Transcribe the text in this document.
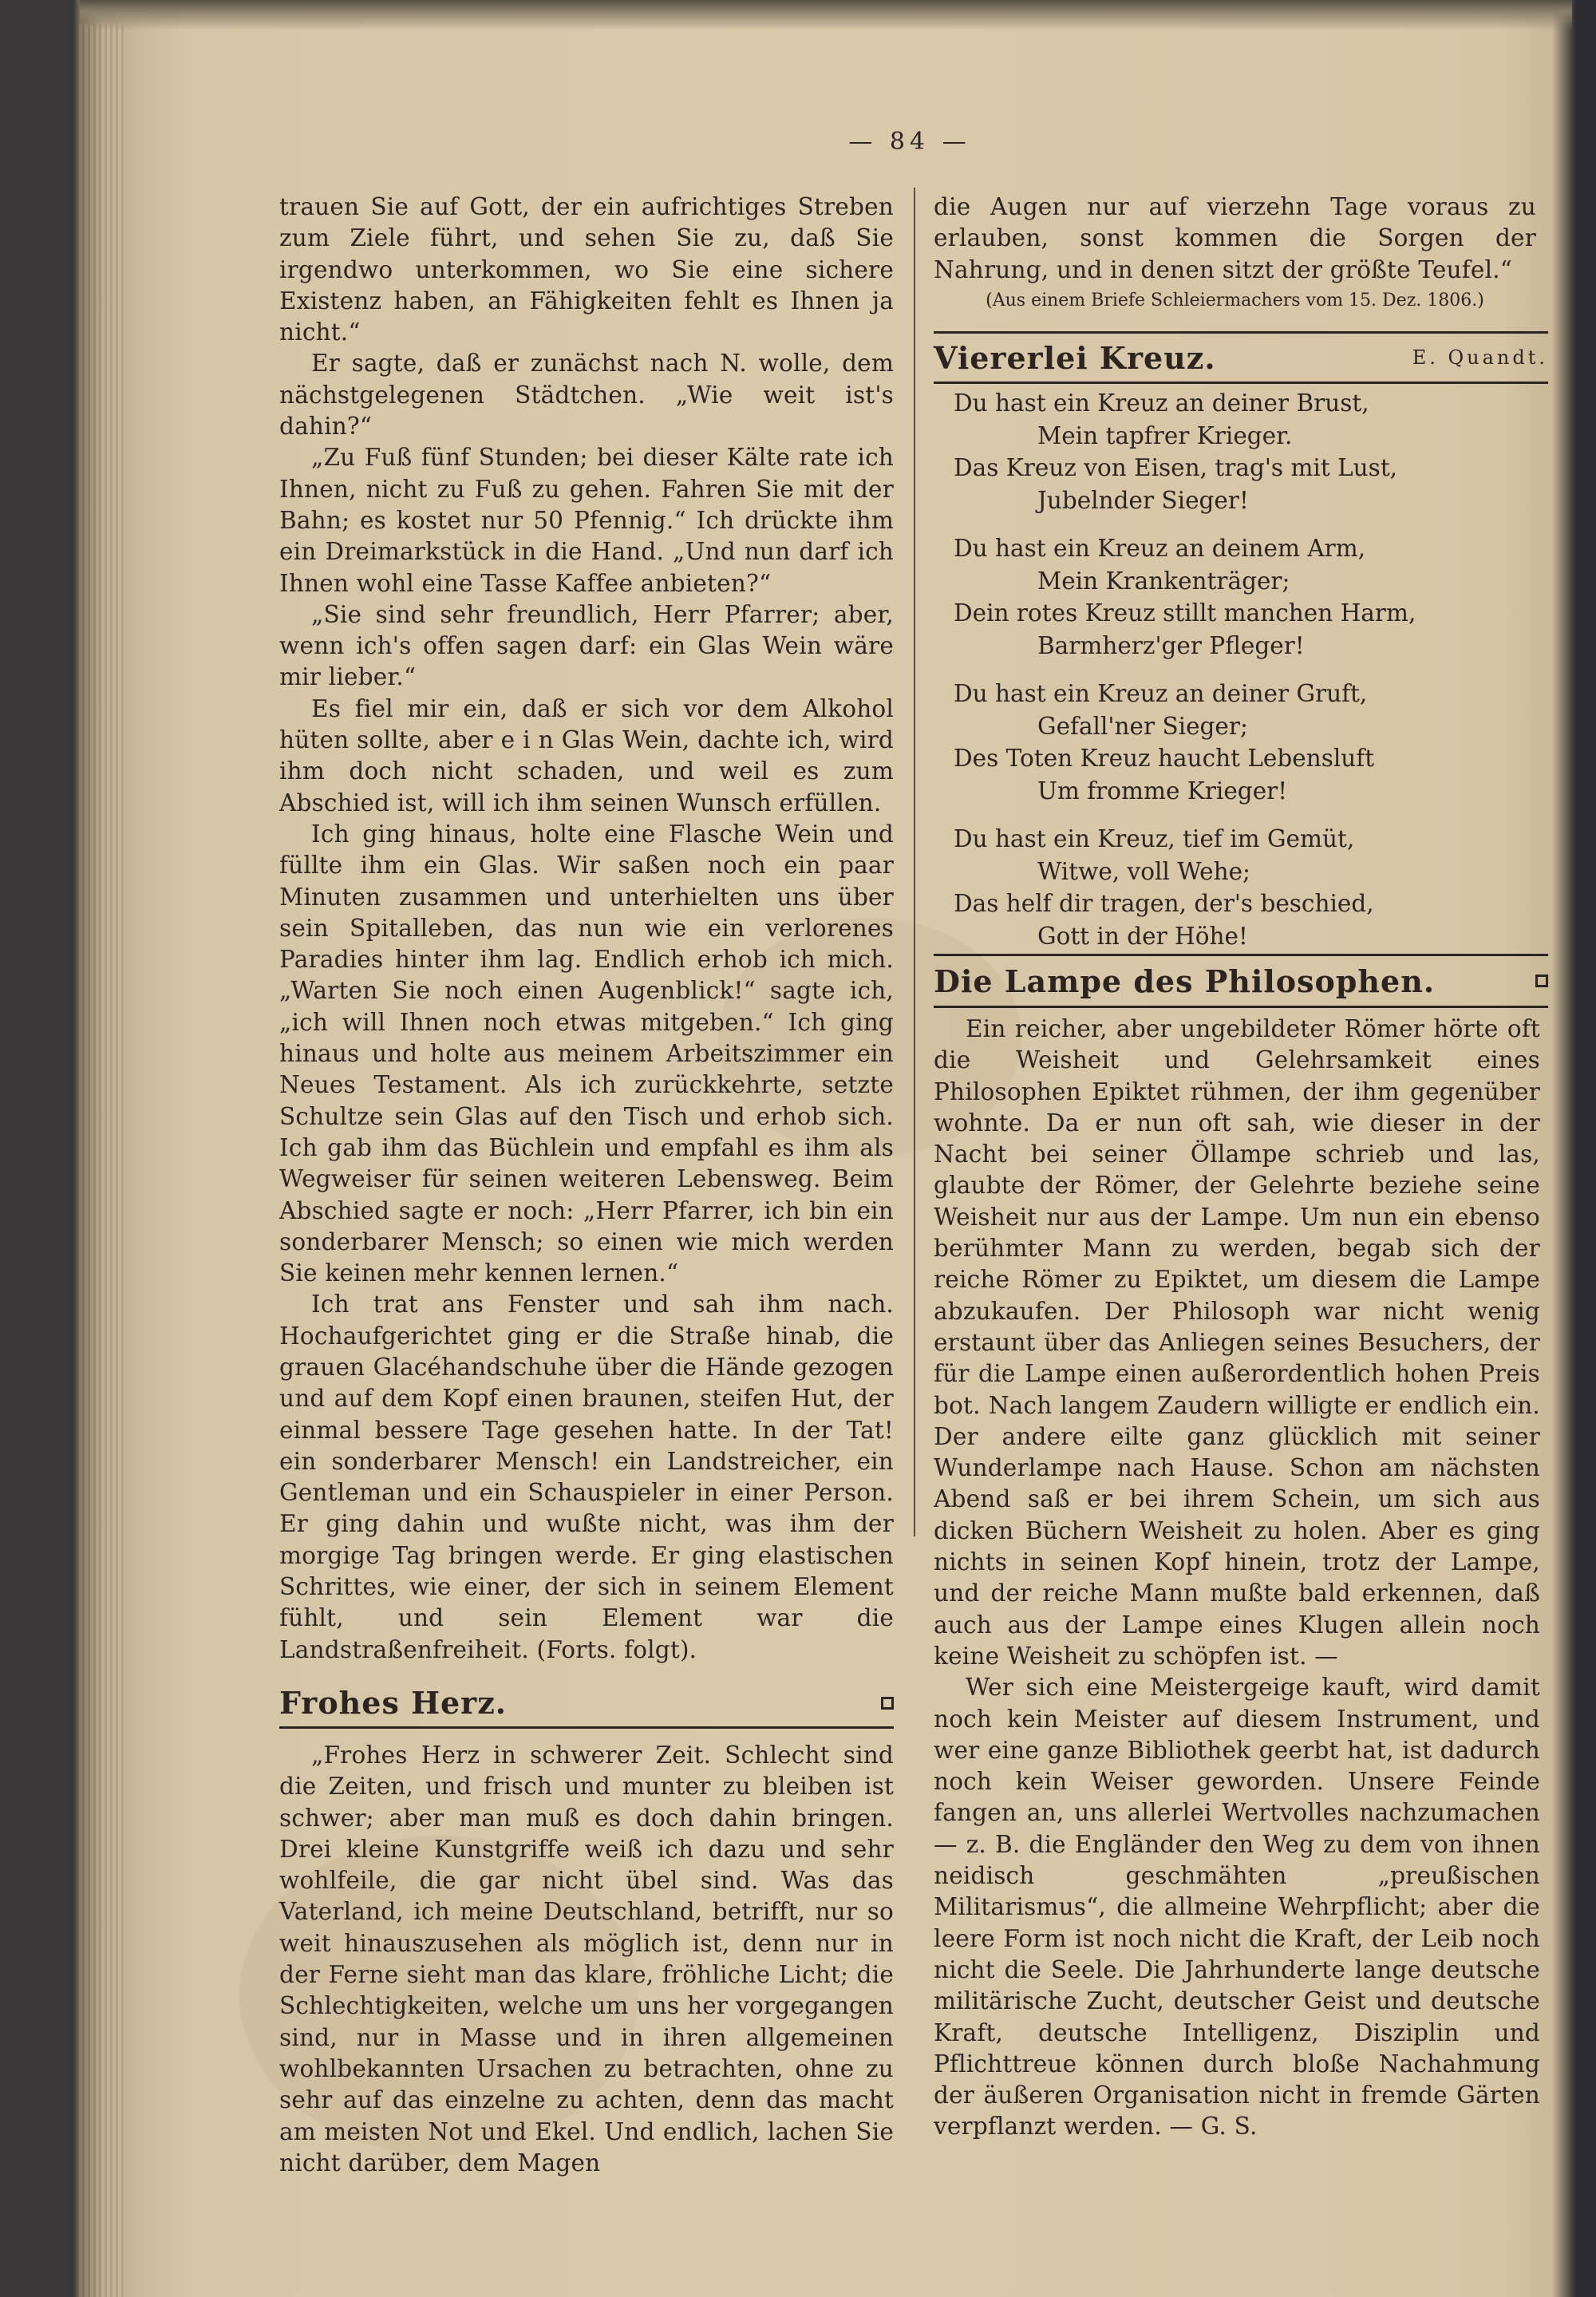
— 84 —

trauen Sie auf Gott, der ein aufrichtiges Streben zum Ziele führt, und sehen Sie zu, daß Sie irgendwo unterkommen, wo Sie eine sichere Existenz haben, an Fähigkeiten fehlt es Ihnen ja nicht.“

Er sagte, daß er zunächst nach N. wolle, dem nächstgelegenen Städtchen. „Wie weit ist's dahin?“

„Zu Fuß fünf Stunden; bei dieser Kälte rate ich Ihnen, nicht zu Fuß zu gehen. Fahren Sie mit der Bahn; es kostet nur 50 Pfennig.“ Ich drückte ihm ein Dreimarkstück in die Hand. „Und nun darf ich Ihnen wohl eine Tasse Kaffee anbieten?“

„Sie sind sehr freundlich, Herr Pfarrer; aber, wenn ich's offen sagen darf: ein Glas Wein wäre mir lieber.“

Es fiel mir ein, daß er sich vor dem Alkohol hüten sollte, aber e i n Glas Wein, dachte ich, wird ihm doch nicht schaden, und weil es zum Abschied ist, will ich ihm seinen Wunsch erfüllen.

Ich ging hinaus, holte eine Flasche Wein und füllte ihm ein Glas. Wir saßen noch ein paar Minuten zusammen und unterhielten uns über sein Spitalleben, das nun wie ein verlorenes Paradies hinter ihm lag. Endlich erhob ich mich. „Warten Sie noch einen Augenblick!“ sagte ich, „ich will Ihnen noch etwas mitgeben.“ Ich ging hinaus und holte aus meinem Arbeitszimmer ein Neues Testament. Als ich zurückkehrte, setzte Schultze sein Glas auf den Tisch und erhob sich. Ich gab ihm das Büchlein und empfahl es ihm als Wegweiser für seinen weiteren Lebensweg. Beim Abschied sagte er noch: „Herr Pfarrer, ich bin ein sonderbarer Mensch; so einen wie mich werden Sie keinen mehr kennen lernen.“

Ich trat ans Fenster und sah ihm nach. Hochaufgerichtet ging er die Straße hinab, die grauen Glacéhandschuhe über die Hände gezogen und auf dem Kopf einen braunen, steifen Hut, der einmal bessere Tage gesehen hatte. In der Tat! ein sonderbarer Mensch! ein Landstreicher, ein Gentleman und ein Schauspieler in einer Person. Er ging dahin und wußte nicht, was ihm der morgige Tag bringen werde. Er ging elastischen Schrittes, wie einer, der sich in seinem Element fühlt, und sein Element war die Landstraßenfreiheit. (Forts. folgt).

Frohes Herz.

„Frohes Herz in schwerer Zeit. Schlecht sind die Zeiten, und frisch und munter zu bleiben ist schwer; aber man muß es doch dahin bringen. Drei kleine Kunstgriffe weiß ich dazu und sehr wohlfeile, die gar nicht übel sind. Was das Vaterland, ich meine Deutschland, betrifft, nur so weit hinauszusehen als möglich ist, denn nur in der Ferne sieht man das klare, fröhliche Licht; die Schlechtigkeiten, welche um uns her vorgegangen sind, nur in Masse und in ihren allgemeinen wohlbekannten Ursachen zu betrachten, ohne zu sehr auf das einzelne zu achten, denn das macht am meisten Not und Ekel. Und endlich, lachen Sie nicht darüber, dem Magen

die Augen nur auf vierzehn Tage voraus zu erlauben, sonst kommen die Sorgen der Nahrung, und in denen sitzt der größte Teufel.“

(Aus einem Briefe Schleiermachers vom 15. Dez. 1806.)
Viererlei Kreuz.	E. Quandt.
Du hast ein Kreuz an deiner Brust,
Mein tapfrer Krieger.
Das Kreuz von Eisen, trag's mit Lust,
Jubelnder Sieger!
Du hast ein Kreuz an deinem Arm,
Mein Krankenträger;
Dein rotes Kreuz stillt manchen Harm,
Barmherz'ger Pfleger!
Du hast ein Kreuz an deiner Gruft,
Gefall'ner Sieger;
Des Toten Kreuz haucht Lebensluft
Um fromme Krieger!
Du hast ein Kreuz, tief im Gemüt,
Witwe, voll Wehe;
Das helf dir tragen, der's beschied,
Gott in der Höhe!
Die Lampe des Philosophen.

Ein reicher, aber ungebildeter Römer hörte oft die Weisheit und Gelehrsamkeit eines Philosophen Epiktet rühmen, der ihm gegenüber wohnte. Da er nun oft sah, wie dieser in der Nacht bei seiner Öllampe schrieb und las, glaubte der Römer, der Gelehrte beziehe seine Weisheit nur aus der Lampe. Um nun ein ebenso berühmter Mann zu werden, begab sich der reiche Römer zu Epiktet, um diesem die Lampe abzukaufen. Der Philosoph war nicht wenig erstaunt über das Anliegen seines Besuchers, der für die Lampe einen außerordentlich hohen Preis bot. Nach langem Zaudern willigte er endlich ein. Der andere eilte ganz glücklich mit seiner Wunderlampe nach Hause. Schon am nächsten Abend saß er bei ihrem Schein, um sich aus dicken Büchern Weisheit zu holen. Aber es ging nichts in seinen Kopf hinein, trotz der Lampe, und der reiche Mann mußte bald erkennen, daß auch aus der Lampe eines Klugen allein noch keine Weisheit zu schöpfen ist. —

Wer sich eine Meistergeige kauft, wird damit noch kein Meister auf diesem Instrument, und wer eine ganze Bibliothek geerbt hat, ist dadurch noch kein Weiser geworden. Unsere Feinde fangen an, uns allerlei Wertvolles nachzumachen — z. B. die Engländer den Weg zu dem von ihnen neidisch geschmähten „preußischen Militarismus“, die allmeine Wehrpflicht; aber die leere Form ist noch nicht die Kraft, der Leib noch nicht die Seele. Die Jahrhunderte lange deutsche militärische Zucht, deutscher Geist und deutsche Kraft, deutsche Intelligenz, Disziplin und Pflichttreue können durch bloße Nachahmung der äußeren Organisation nicht in fremde Gärten verpflanzt werden. — G. S.
